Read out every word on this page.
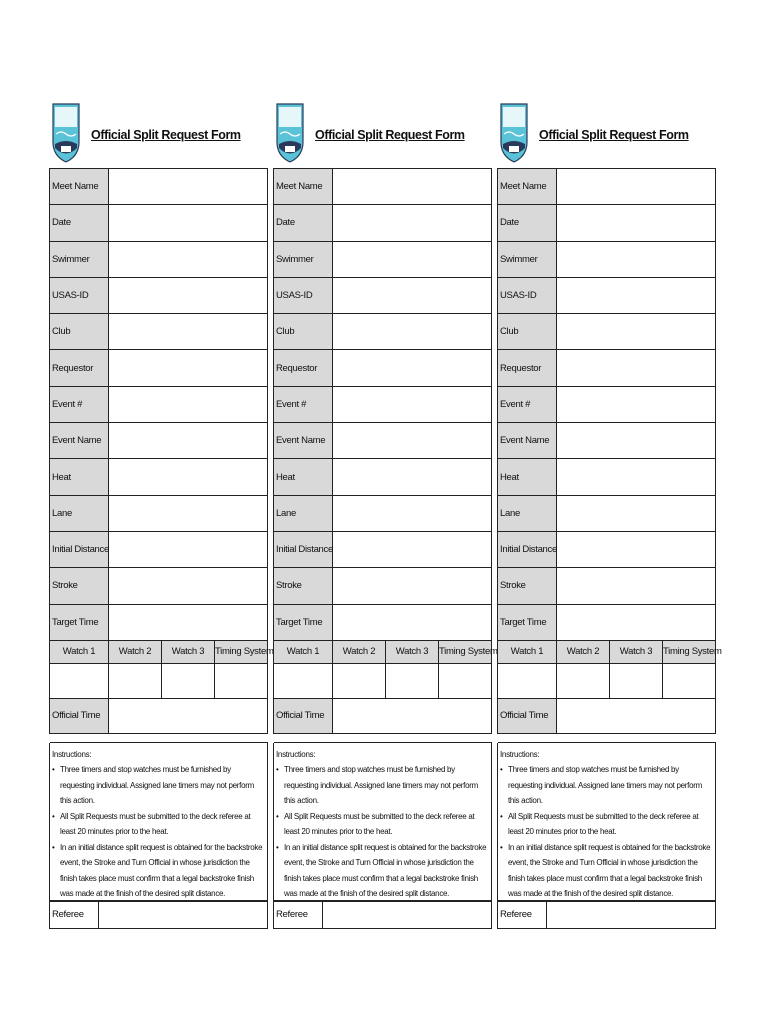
Official Split Request Form
Meet Name			
Date			
Swimmer			
USAS-ID			
Club			
Requestor			
Event #			
Event Name			
Heat			
Lane			
Initial Distance			
Stroke			
Target Time			
Watch 1	Watch 2	Watch 3	Timing System

Official Time			

Instructions:
• Three timers and stop watches must be furnished by requesting individual. Assigned lane timers may not perform this action.
• All Split Requests must be submitted to the deck referee at least 20 minutes prior to the heat.
• In an initial distance split request is obtained for the backstroke event, the Stroke and Turn Official in whose jurisdiction the finish takes place must confirm that a legal backstroke finish was made at the finish of the desired split distance.
Referee	
Official Split Request Form
Meet Name			
Date			
Swimmer			
USAS-ID			
Club			
Requestor			
Event #			
Event Name			
Heat			
Lane			
Initial Distance			
Stroke			
Target Time			
Watch 1	Watch 2	Watch 3	Timing System

Official Time			

Instructions:
• Three timers and stop watches must be furnished by requesting individual. Assigned lane timers may not perform this action.
• All Split Requests must be submitted to the deck referee at least 20 minutes prior to the heat.
• In an initial distance split request is obtained for the backstroke event, the Stroke and Turn Official in whose jurisdiction the finish takes place must confirm that a legal backstroke finish was made at the finish of the desired split distance.
Referee	
Official Split Request Form
Meet Name			
Date			
Swimmer			
USAS-ID			
Club			
Requestor			
Event #			
Event Name			
Heat			
Lane			
Initial Distance			
Stroke			
Target Time			
Watch 1	Watch 2	Watch 3	Timing System

Official Time			

Instructions:
• Three timers and stop watches must be furnished by requesting individual. Assigned lane timers may not perform this action.
• All Split Requests must be submitted to the deck referee at least 20 minutes prior to the heat.
• In an initial distance split request is obtained for the backstroke event, the Stroke and Turn Official in whose jurisdiction the finish takes place must confirm that a legal backstroke finish was made at the finish of the desired split distance.
Referee	
